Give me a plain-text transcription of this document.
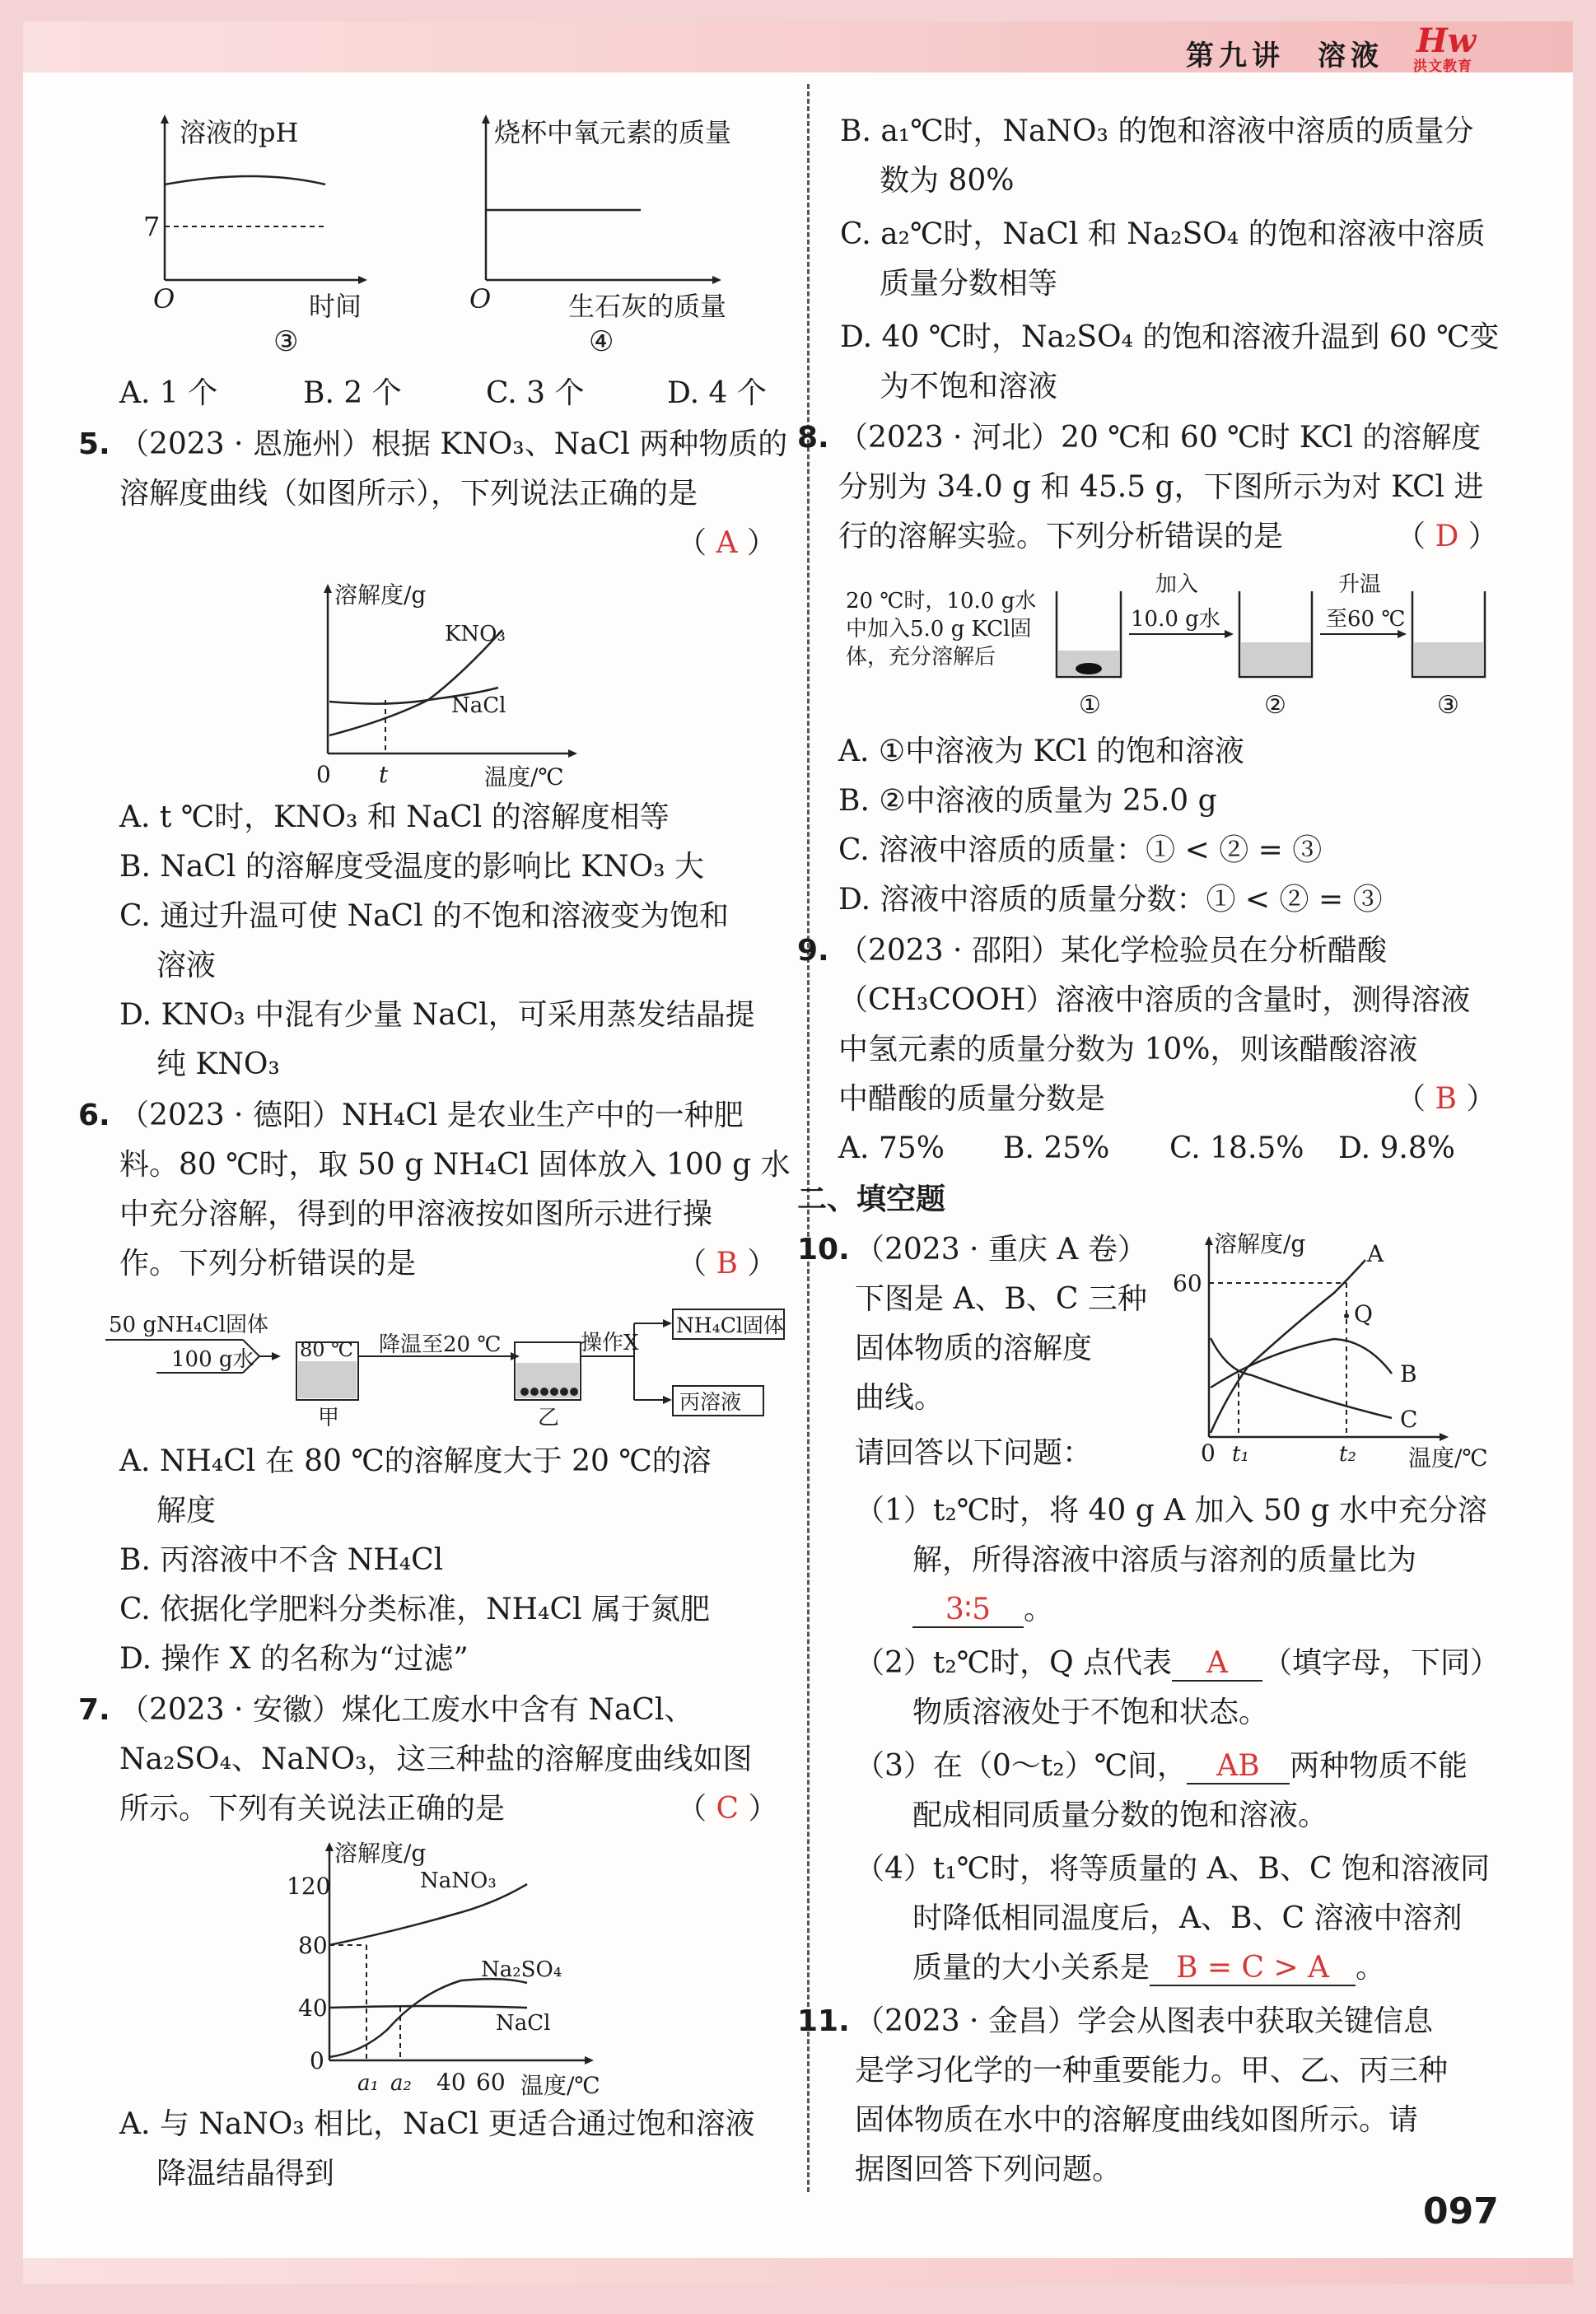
第九讲　溶液 Hw
洪文教育
溶液的pH
7
O	时间
③
烧杯中氧元素的质量
O	生石灰的质量
④
A. 1 个	B. 2 个	C. 3 个	D. 4 个
5. （2023 · 恩施州）根据 KNO₃、NaCl 两种物质的
溶解度曲线（如图所示），下列说法正确的是
（ A ）
溶解度/g
KNO₃
NaCl
0 t	温度/℃
A. t ℃时，KNO₃ 和 NaCl 的溶解度相等
B. NaCl 的溶解度受温度的影响比 KNO₃ 大
C. 通过升温可使 NaCl 的不饱和溶液变为饱和
溶液
D. KNO₃ 中混有少量 NaCl，可采用蒸发结晶提
纯 KNO₃
6. （2023 · 德阳）NH₄Cl 是农业生产中的一种肥
料。80 ℃时，取 50 g NH₄Cl 固体放入 100 g 水
中充分溶解，得到的甲溶液按如图所示进行操
作。下列分析错误的是	（ B ）
50 gNH₄Cl固体
100 g水 80 ℃
甲
降温至20 ℃
乙
操作X
NH₄Cl固体
丙溶液
A. NH₄Cl 在 80 ℃的溶解度大于 20 ℃的溶
解度
B. 丙溶液中不含 NH₄Cl
C. 依据化学肥料分类标准，NH₄Cl 属于氮肥
D. 操作 X 的名称为“过滤”
7. （2023 · 安徽）煤化工废水中含有 NaCl、
Na₂SO₄、NaNO₃，这三种盐的溶解度曲线如图
所示。下列有关说法正确的是	（ C ）
溶解度/g
120
80
40
0
a₁ a₂ 40 60 温度/℃
NaNO₃
Na₂SO₄
NaCl
A. 与 NaNO₃ 相比，NaCl 更适合通过饱和溶液
降温结晶得到
B. a₁℃时，NaNO₃ 的饱和溶液中溶质的质量分
数为 80%
C. a₂℃时，NaCl 和 Na₂SO₄ 的饱和溶液中溶质
质量分数相等
D. 40 ℃时，Na₂SO₄ 的饱和溶液升温到 60 ℃变
为不饱和溶液
8. （2023 · 河北）20 ℃和 60 ℃时 KCl 的溶解度
分别为 34.0 g 和 45.5 g，下图所示为对 KCl 进
行的溶解实验。下列分析错误的是	（ D ）
20 ℃时，10.0 g水
中加入5.0 g KCl固
体，充分溶解后
加入
10.0 g水
升温
至60 ℃
①	②	③
A. ①中溶液为 KCl 的饱和溶液
B. ②中溶液的质量为 25.0 g
C. 溶液中溶质的质量：① < ② = ③
D. 溶液中溶质的质量分数：① < ② = ③
9. （2023 · 邵阳）某化学检验员在分析醋酸
（CH₃COOH）溶液中溶质的含量时，测得溶液
中氢元素的质量分数为 10%，则该醋酸溶液
中醋酸的质量分数是	（ B ）
A. 75% B. 25% C. 18.5% D. 9.8%
二、填空题
10. （2023 · 重庆 A 卷）
下图是 A、B、C 三种
固体物质的溶解度
曲线。
请回答以下问题：
溶解度/g
60
0 t₁	t₂ 温度/℃
A
Q
B
C
（1）t₂℃时，将 40 g A 加入 50 g 水中充分溶
解，所得溶液中溶质与溶剂的质量比为
3∶5 。
（2）t₂℃时，Q 点代表 A （填字母，下同）
物质溶液处于不饱和状态。
（3）在（0～t₂）℃间， AB 两种物质不能
配成相同质量分数的饱和溶液。
（4）t₁℃时，将等质量的 A、B、C 饱和溶液同
时降低相同温度后，A、B、C 溶液中溶剂
质量的大小关系是 B = C > A 。
11. （2023 · 金昌）学会从图表中获取关键信息
是学习化学的一种重要能力。甲、乙、丙三种
固体物质在水中的溶解度曲线如图所示。请
据图回答下列问题。
097
